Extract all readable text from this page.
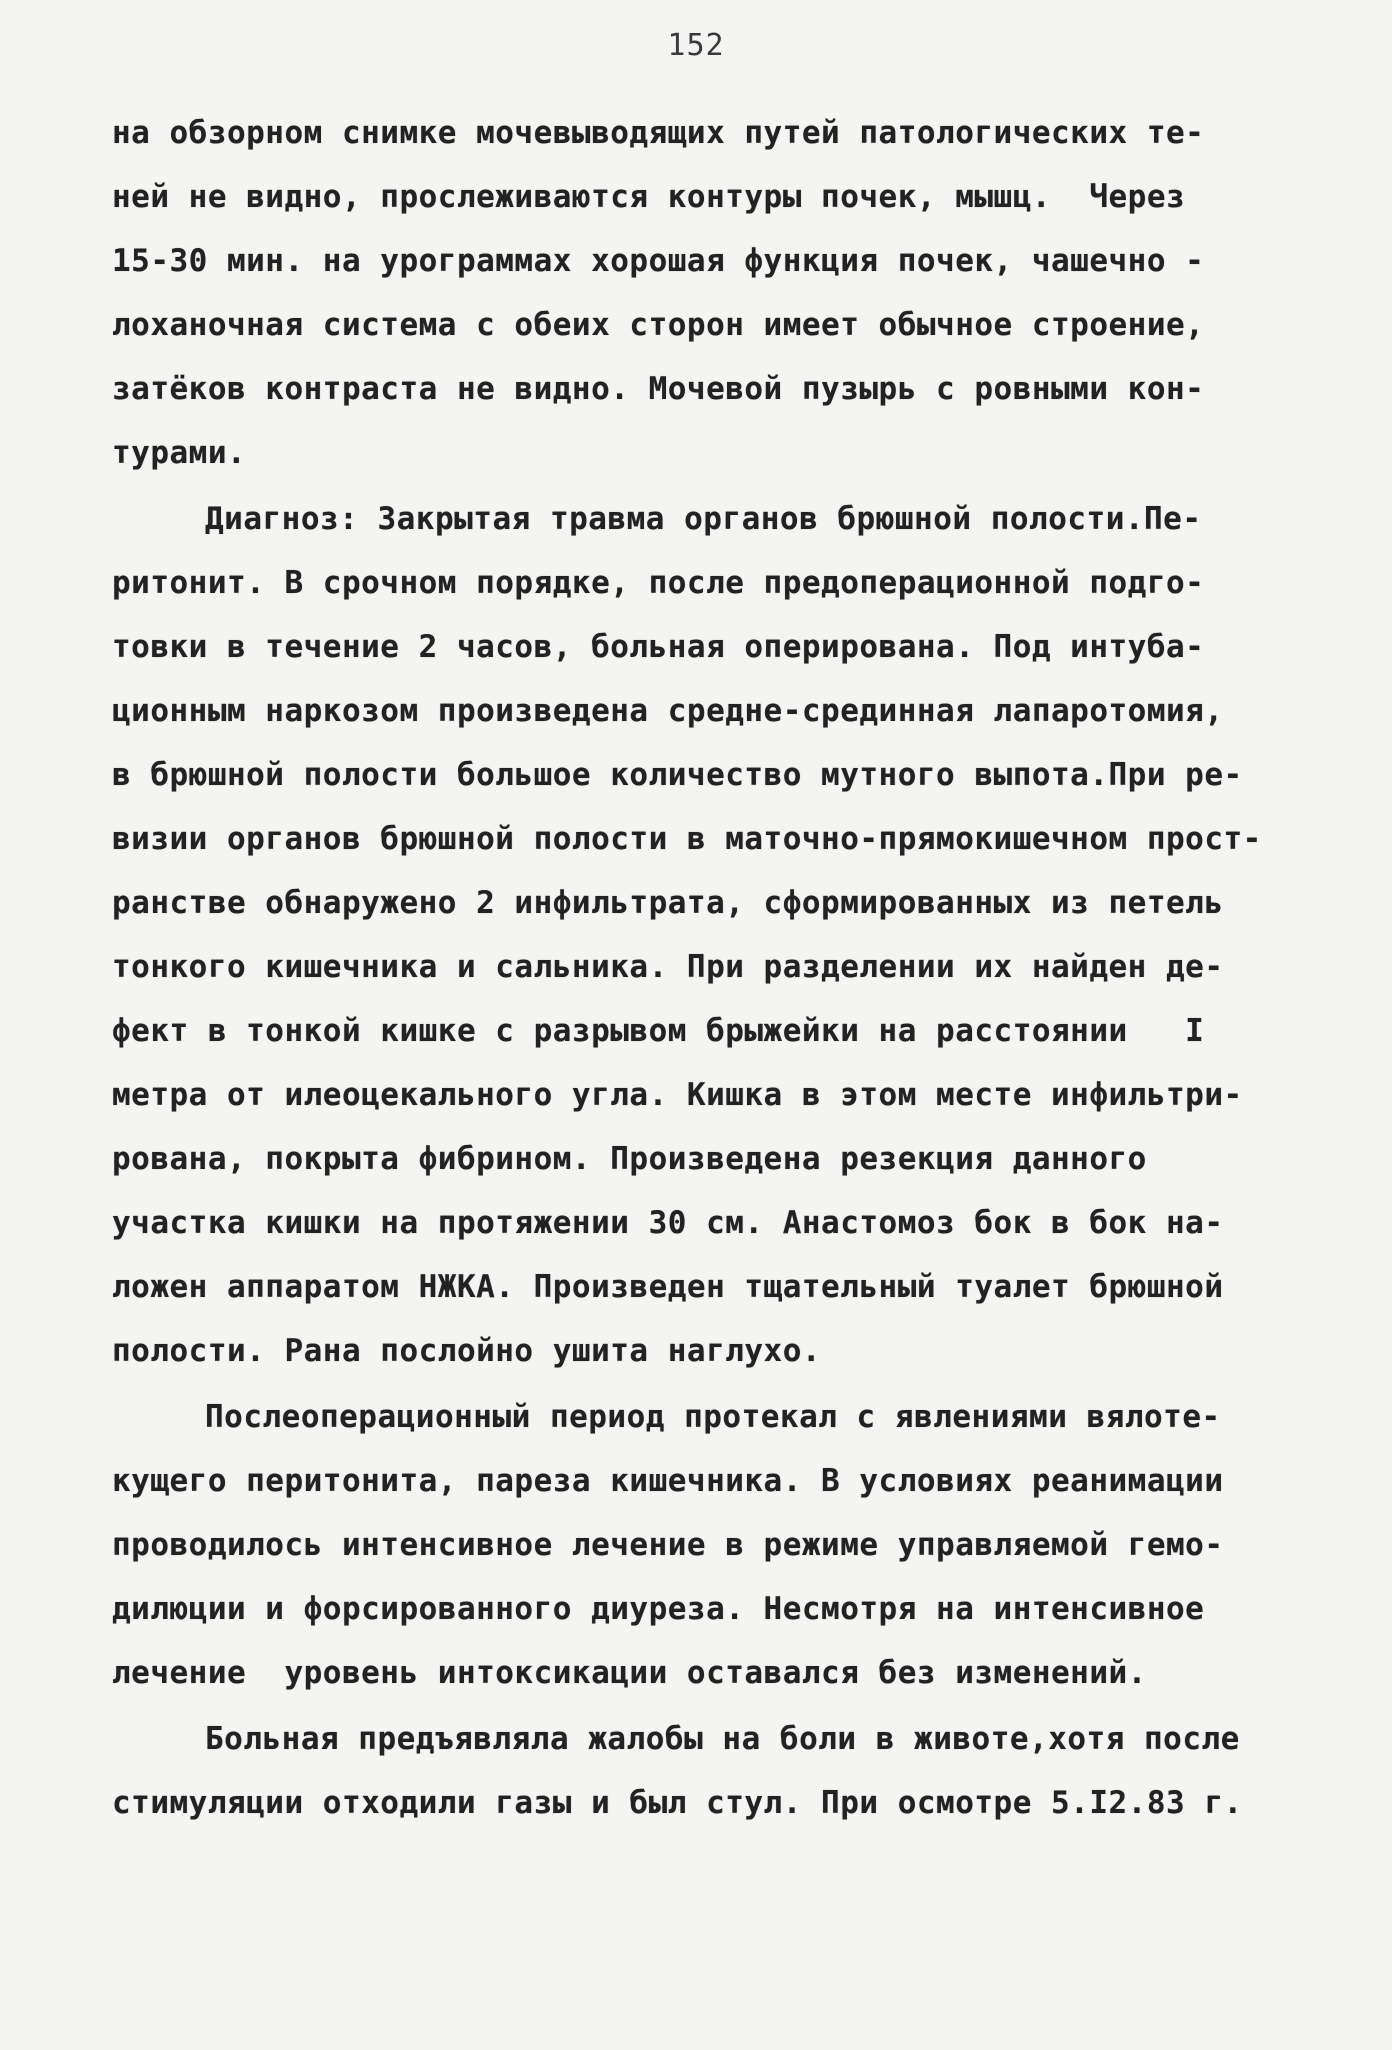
152
на обзорном снимке мочевыводящих путей патологических те-
ней не видно, прослеживаются контуры почек, мышц.  Через
15-30 мин. на урограммах хорошая функция почек, чашечно -
лоханочная система с обеих сторон имеет обычное строение,
затёков контраста не видно. Мочевой пузырь с ровными кон-
турами.
Диагноз: Закрытая травма органов брюшной полости.Пе-
ритонит. В срочном порядке, после предоперационной подго-
товки в течение 2 часов, больная оперирована. Под интуба-
ционным наркозом произведена средне-срединная лапаротомия,
в брюшной полости большое количество мутного выпота.При ре-
визии органов брюшной полости в маточно-прямокишечном прост-
ранстве обнаружено 2 инфильтрата, сформированных из петель
тонкого кишечника и сальника. При разделении их найден де-
фект в тонкой кишке с разрывом брыжейки на расстоянии   I
метра от илеоцекального угла. Кишка в этом месте инфильтри-
рована, покрыта фибрином. Произведена резекция данного
участка кишки на протяжении 30 см. Анастомоз бок в бок на-
ложен аппаратом НЖКА. Произведен тщательный туалет брюшной
полости. Рана послойно ушита наглухо.
Послеоперационный период протекал с явлениями вялоте-
кущего перитонита, пареза кишечника. В условиях реанимации
проводилось интенсивное лечение в режиме управляемой гемо-
дилюции и форсированного диуреза. Несмотря на интенсивное
лечение  уровень интоксикации оставался без изменений.
Больная предъявляла жалобы на боли в животе,хотя после
стимуляции отходили газы и был стул. При осмотре 5.I2.83 г.
